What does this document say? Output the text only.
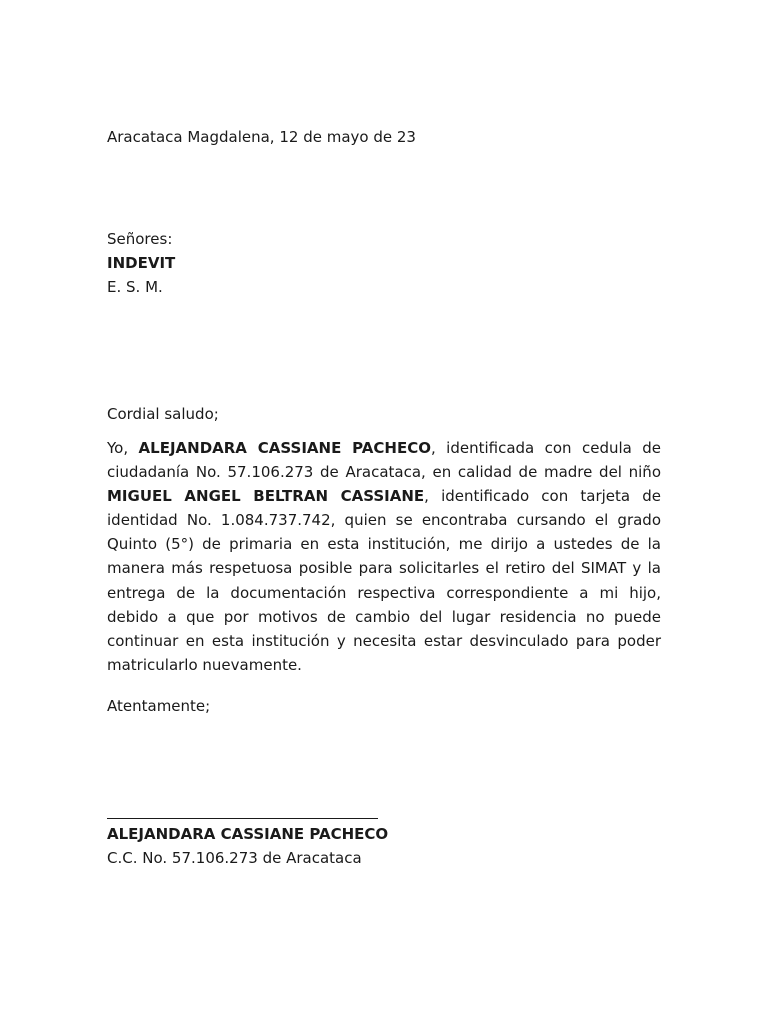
Aracataca Magdalena, 12 de mayo de 23
Señores:
INDEVIT
E. S. M.
Cordial saludo;
Yo, ALEJANDARA CASSIANE PACHECO, identificada con cedula de ciudadanía No. 57.106.273 de Aracataca, en calidad de madre del niño MIGUEL ANGEL BELTRAN CASSIANE, identificado con tarjeta de identidad No. 1.084.737.742, quien se encontraba cursando el grado Quinto (5°) de primaria en esta institución, me dirijo a ustedes de la manera más respetuosa posible para solicitarles el retiro del SIMAT y la entrega de la documentación respectiva correspondiente a mi hijo, debido a que por motivos de cambio del lugar residencia no puede continuar en esta institución y necesita estar desvinculado para poder matricularlo nuevamente.
Atentamente;
ALEJANDARA CASSIANE PACHECO
C.C. No. 57.106.273 de Aracataca
